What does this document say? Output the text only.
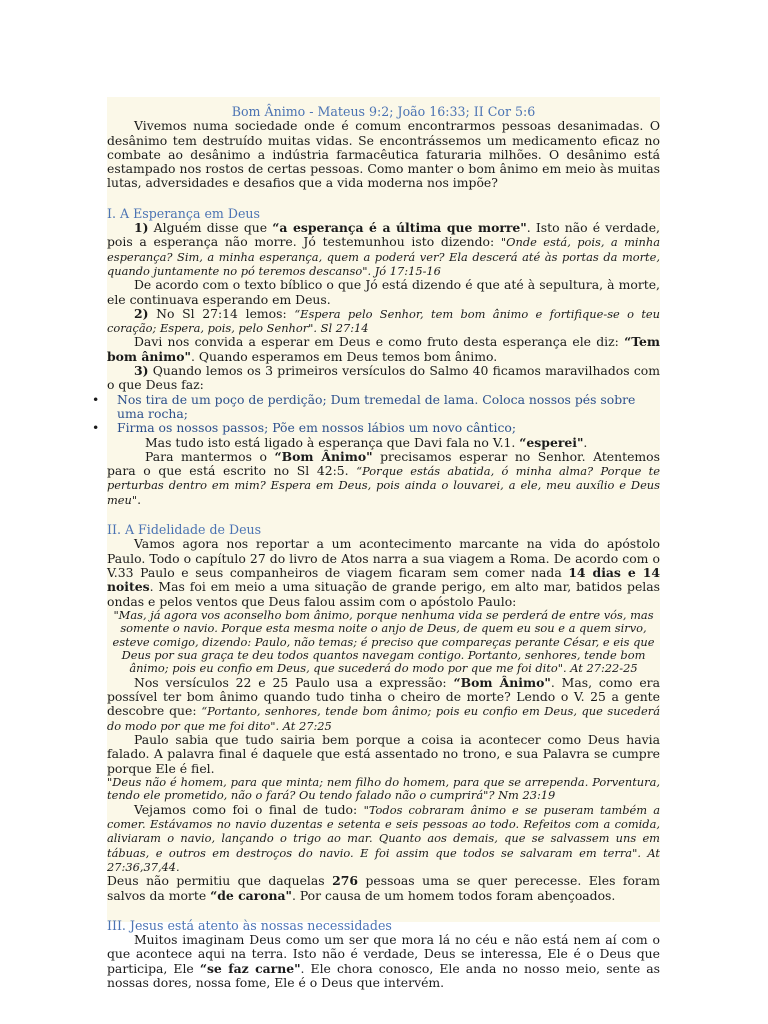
Bom Ânimo - Mateus 9:2; João 16:33; II Cor 5:6

Vivemos numa sociedade onde é comum encontrarmos pessoas desanimadas. O desânimo tem destruído muitas vidas. Se encontrássemos um medicamento eficaz no combate ao desânimo a indústria farmacêutica faturaria milhões. O desânimo está estampado nos rostos de certas pessoas. Como manter o bom ânimo em meio às muitas lutas, adversidades e desafios que a vida moderna nos impõe?

I. A Esperança em Deus

1) Alguém disse que “a esperança é a última que morre". Isto não é verdade, pois a esperança não morre. Jó testemunhou isto dizendo: "Onde está, pois, a minha esperança? Sim, a minha esperança, quem a poderá ver? Ela descerá até às portas da morte, quando juntamente no pó teremos descanso". Jó 17:15-16

De acordo com o texto bíblico o que Jó está dizendo é que até à sepultura, à morte, ele continuava esperando em Deus.

2) No Sl 27:14 lemos: “Espera pelo Senhor, tem bom ânimo e fortifique-se o teu coração; Espera, pois, pelo Senhor". Sl 27:14

Davi nos convida a esperar em Deus e como fruto desta esperança ele diz: “Tem bom ânimo". Quando esperamos em Deus temos bom ânimo.

3) Quando lemos os 3 primeiros versículos do Salmo 40 ficamos maravilhados com o que Deus faz:

• Nos tira de um poço de perdição; Dum tremedal de lama. Coloca nossos pés sobre uma rocha;
• Firma os nossos passos; Põe em nossos lábios um novo cântico;

Mas tudo isto está ligado à esperança que Davi fala no V.1. “esperei".

Para mantermos o “Bom Ânimo" precisamos esperar no Senhor. Atentemos para o que está escrito no Sl 42:5. “Porque estás abatida, ó minha alma? Porque te perturbas dentro em mim? Espera em Deus, pois ainda o louvarei, a ele, meu auxílio e Deus meu".

II. A Fidelidade de Deus

Vamos agora nos reportar a um acontecimento marcante na vida do apóstolo Paulo. Todo o capítulo 27 do livro de Atos narra a sua viagem a Roma. De acordo com o V.33 Paulo e seus companheiros de viagem ficaram sem comer nada 14 dias e 14 noites. Mas foi em meio a uma situação de grande perigo, em alto mar, batidos pelas ondas e pelos ventos que Deus falou assim com o apóstolo Paulo:

"Mas, já agora vos aconselho bom ânimo, porque nenhuma vida se perderá de entre vós, mas somente o navio. Porque esta mesma noite o anjo de Deus, de quem eu sou e a quem sirvo, esteve comigo, dizendo: Paulo, não temas; é preciso que compareças perante César, e eis que Deus por sua graça te deu todos quantos navegam contigo. Portanto, senhores, tende bom ânimo; pois eu confio em Deus, que sucederá do modo por que me foi dito". At 27:22-25

Nos versículos 22 e 25 Paulo usa a expressão: “Bom Ânimo". Mas, como era possível ter bom ânimo quando tudo tinha o cheiro de morte? Lendo o V. 25 a gente descobre que: “Portanto, senhores, tende bom ânimo; pois eu confio em Deus, que sucederá do modo por que me foi dito". At 27:25

Paulo sabia que tudo sairia bem porque a coisa ia acontecer como Deus havia falado. A palavra final é daquele que está assentado no trono, e sua Palavra se cumpre porque Ele é fiel.

"Deus não é homem, para que minta; nem filho do homem, para que se arrependa. Porventura, tendo ele prometido, não o fará? Ou tendo falado não o cumprirá"? Nm 23:19

Vejamos como foi o final de tudo: "Todos cobraram ânimo e se puseram também a comer. Estávamos no navio duzentas e setenta e seis pessoas ao todo. Refeitos com a comida, aliviaram o navio, lançando o trigo ao mar. Quanto aos demais, que se salvassem uns em tábuas, e outros em destroços do navio. E foi assim que todos se salvaram em terra". At 27:36,37,44.

Deus não permitiu que daquelas 276 pessoas uma se quer perecesse. Eles foram salvos da morte “de carona". Por causa de um homem todos foram abençoados.

III. Jesus está atento às nossas necessidades

Muitos imaginam Deus como um ser que mora lá no céu e não está nem aí com o que acontece aqui na terra. Isto não é verdade, Deus se interessa, Ele é o Deus que participa, Ele “se faz carne". Ele chora conosco, Ele anda no nosso meio, sente as nossas dores, nossa fome, Ele é o Deus que intervém.
